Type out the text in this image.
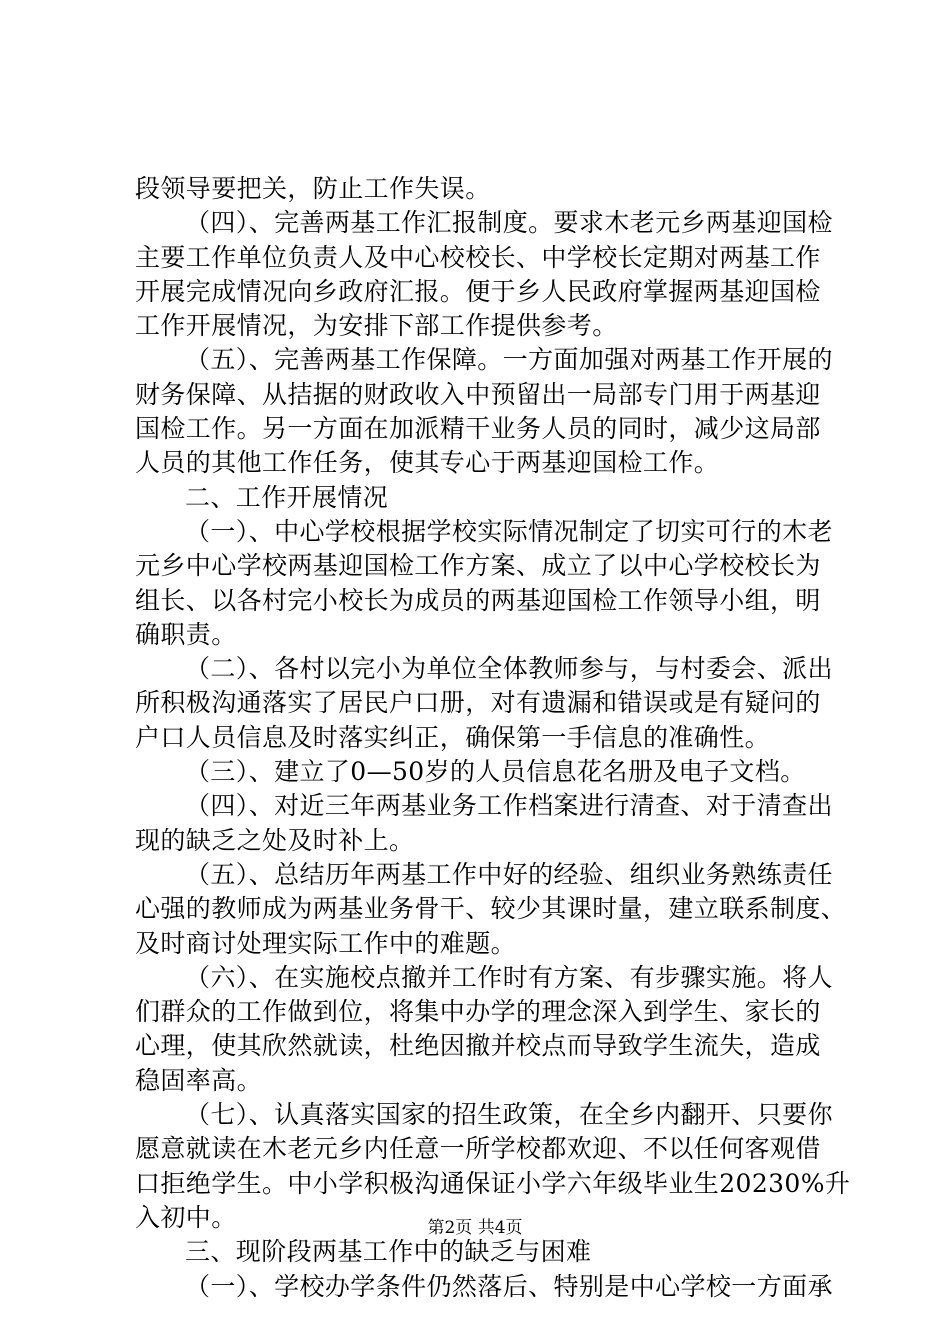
段领导要把关，防止工作失误。
（四）、完善两基工作汇报制度。要求木老元乡两基迎国检
主要工作单位负责人及中心校校长、中学校长定期对两基工作
开展完成情况向乡政府汇报。便于乡人民政府掌握两基迎国检
工作开展情况，为安排下部工作提供参考。
（五）、完善两基工作保障。一方面加强对两基工作开展的
财务保障、从拮据的财政收入中预留出一局部专门用于两基迎
国检工作。另一方面在加派精干业务人员的同时，减少这局部
人员的其他工作任务，使其专心于两基迎国检工作。
二、工作开展情况
（一）、中心学校根据学校实际情况制定了切实可行的木老
元乡中心学校两基迎国检工作方案、成立了以中心学校校长为
组长、以各村完小校长为成员的两基迎国检工作领导小组，明
确职责。
（二）、各村以完小为单位全体教师参与，与村委会、派出
所积极沟通落实了居民户口册，对有遗漏和错误或是有疑问的
户口人员信息及时落实纠正，确保第一手信息的准确性。
（三）、建立了0—50岁的人员信息花名册及电子文档。
（四）、对近三年两基业务工作档案进行清查、对于清查出
现的缺乏之处及时补上。
（五）、总结历年两基工作中好的经验、组织业务熟练责任
心强的教师成为两基业务骨干、较少其课时量，建立联系制度、
及时商讨处理实际工作中的难题。
（六）、在实施校点撤并工作时有方案、有步骤实施。将人
们群众的工作做到位，将集中办学的理念深入到学生、家长的
心理，使其欣然就读，杜绝因撤并校点而导致学生流失，造成
稳固率高。
（七）、认真落实国家的招生政策，在全乡内翻开、只要你
愿意就读在木老元乡内任意一所学校都欢迎、不以任何客观借
口拒绝学生。中小学积极沟通保证小学六年级毕业生20230%升
入初中。
三、现阶段两基工作中的缺乏与困难
（一）、学校办学条件仍然落后、特别是中心学校一方面承
第2页 共4页
